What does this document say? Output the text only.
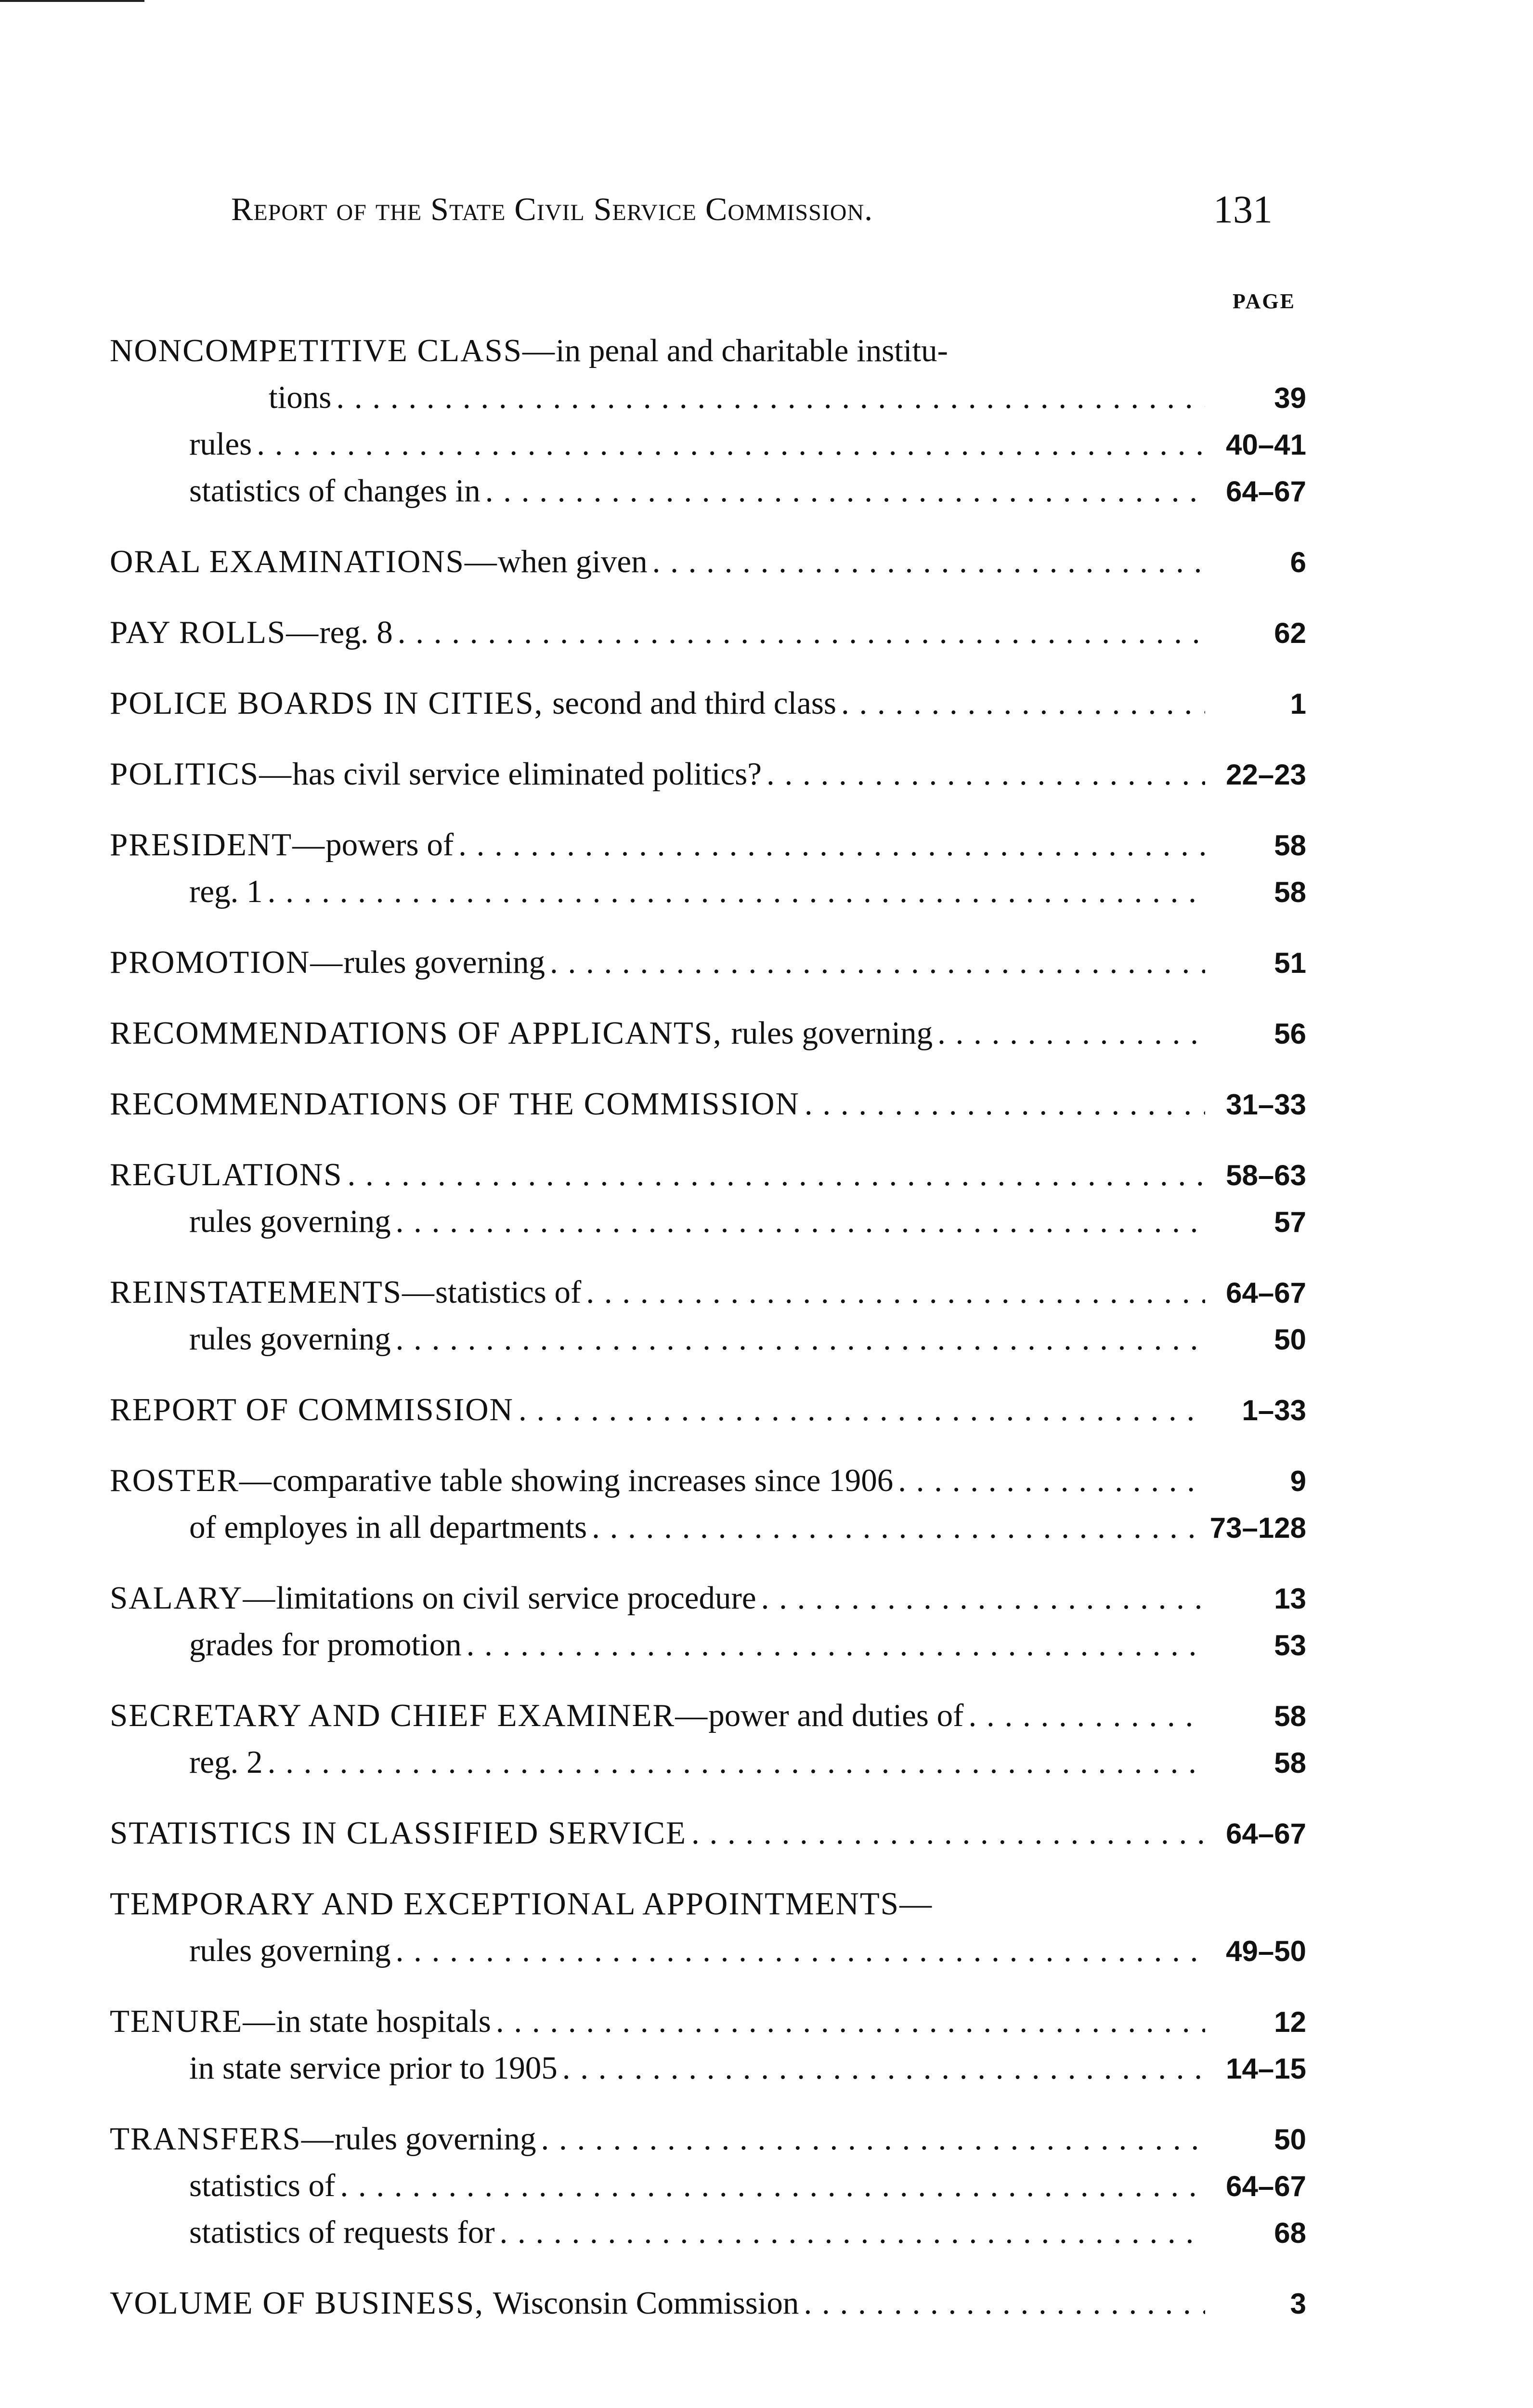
Report of the State Civil Service Commission.	131
PAGE
NONCOMPETITIVE CLASS—in penal and charitable institu-
tions . . .	39
rules . . .	40–41
statistics of changes in . . .	64–67
ORAL EXAMINATIONS—when given . . .	6
PAY ROLLS—reg. 8 . . .	62
POLICE BOARDS IN CITIES, second and third class . . .	1
POLITICS—has civil service eliminated politics? . . .	22–23
PRESIDENT—powers of . . .	58
reg. 1 . . .	58
PROMOTION—rules governing . . .	51
RECOMMENDATIONS OF APPLICANTS, rules governing . . .	56
RECOMMENDATIONS OF THE COMMISSION . . .	31–33
REGULATIONS . . .	58–63
rules governing . . .	57
REINSTATEMENTS—statistics of . . .	64–67
rules governing . . .	50
REPORT OF COMMISSION . . .	1–33
ROSTER—comparative table showing increases since 1906 . . .	9
of employes in all departments . . .	73–128
SALARY—limitations on civil service procedure . . .	13
grades for promotion . . .	53
SECRETARY AND CHIEF EXAMINER—power and duties of . . .	58
reg. 2 . . .	58
STATISTICS IN CLASSIFIED SERVICE . . .	64–67
TEMPORARY AND EXCEPTIONAL APPOINTMENTS—
rules governing . . .	49–50
TENURE—in state hospitals . . .	12
in state service prior to 1905 . . .	14–15
TRANSFERS—rules governing . . .	50
statistics of . . .	64–67
statistics of requests for . . .	68
VOLUME OF BUSINESS, Wisconsin Commission . . .	3
